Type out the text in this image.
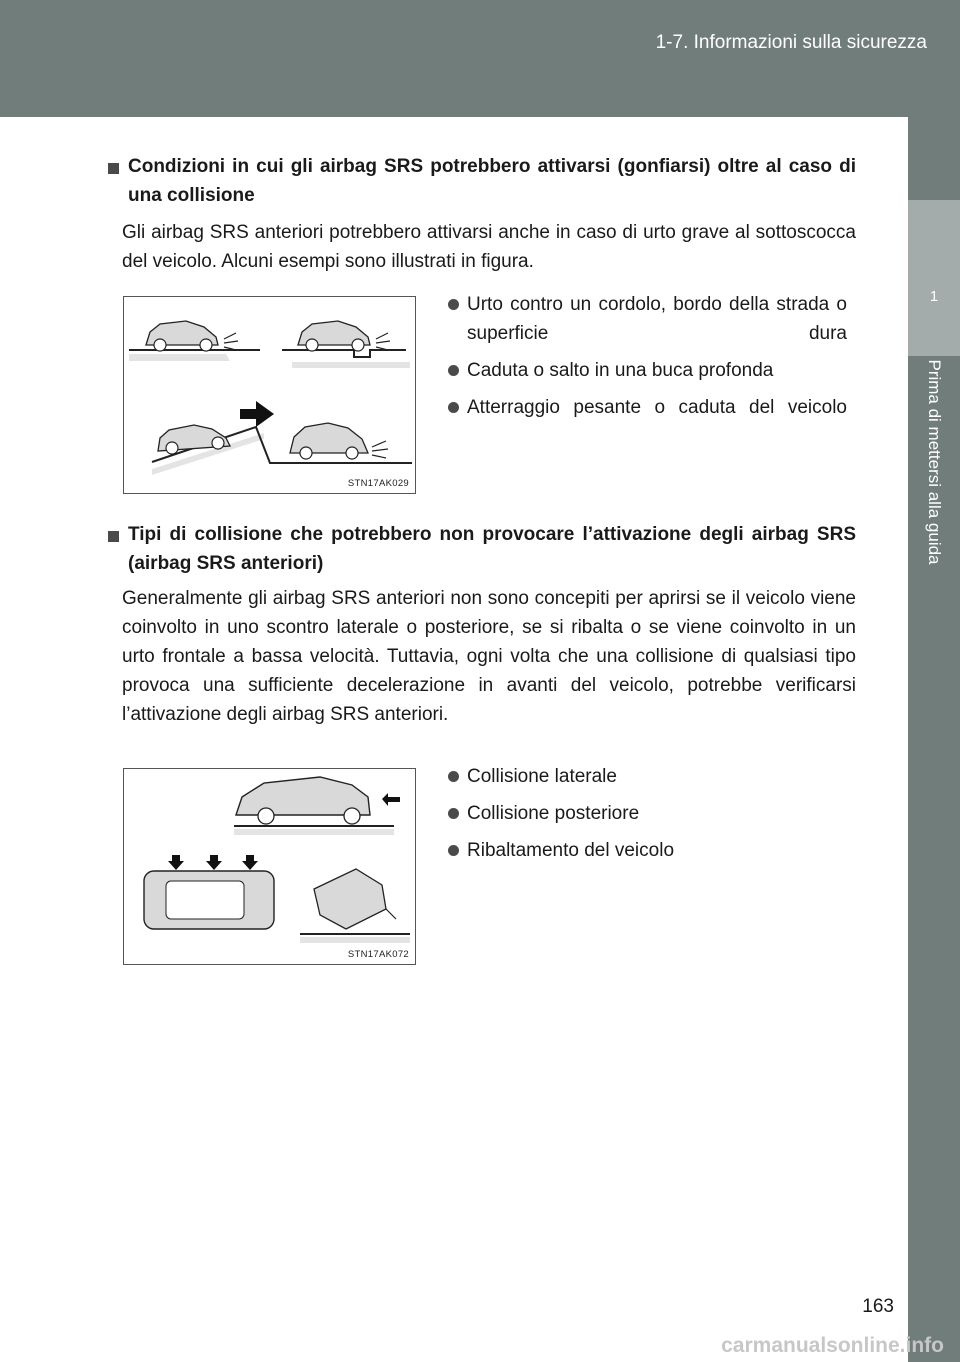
1-7. Informazioni sulla sicurezza
1
Prima di mettersi alla guida
Condizioni in cui gli airbag SRS potrebbero attivarsi (gonfiarsi) oltre al caso di una collisione
Gli airbag SRS anteriori potrebbero attivarsi anche in caso di urto grave al sottoscocca del veicolo. Alcuni esempi sono illustrati in figura.
STN17AK029
Urto contro un cordolo, bordo della strada o superficie dura
Caduta o salto in una buca profonda
Atterraggio pesante o caduta del veicolo
Tipi di collisione che potrebbero non provocare l’attivazione degli airbag SRS (airbag SRS anteriori)
Generalmente gli airbag SRS anteriori non sono concepiti per aprirsi se il veicolo viene coinvolto in uno scontro laterale o posteriore, se si ribalta o se viene coinvolto in un urto frontale a bassa velocità. Tuttavia, ogni volta che una collisione di qualsiasi tipo provoca una sufficiente decelerazione in avanti del veicolo, potrebbe verificarsi l’attivazione degli airbag SRS anteriori.
STN17AK072
Collisione laterale
Collisione posteriore
Ribaltamento del veicolo
163
carmanualsonline.info
